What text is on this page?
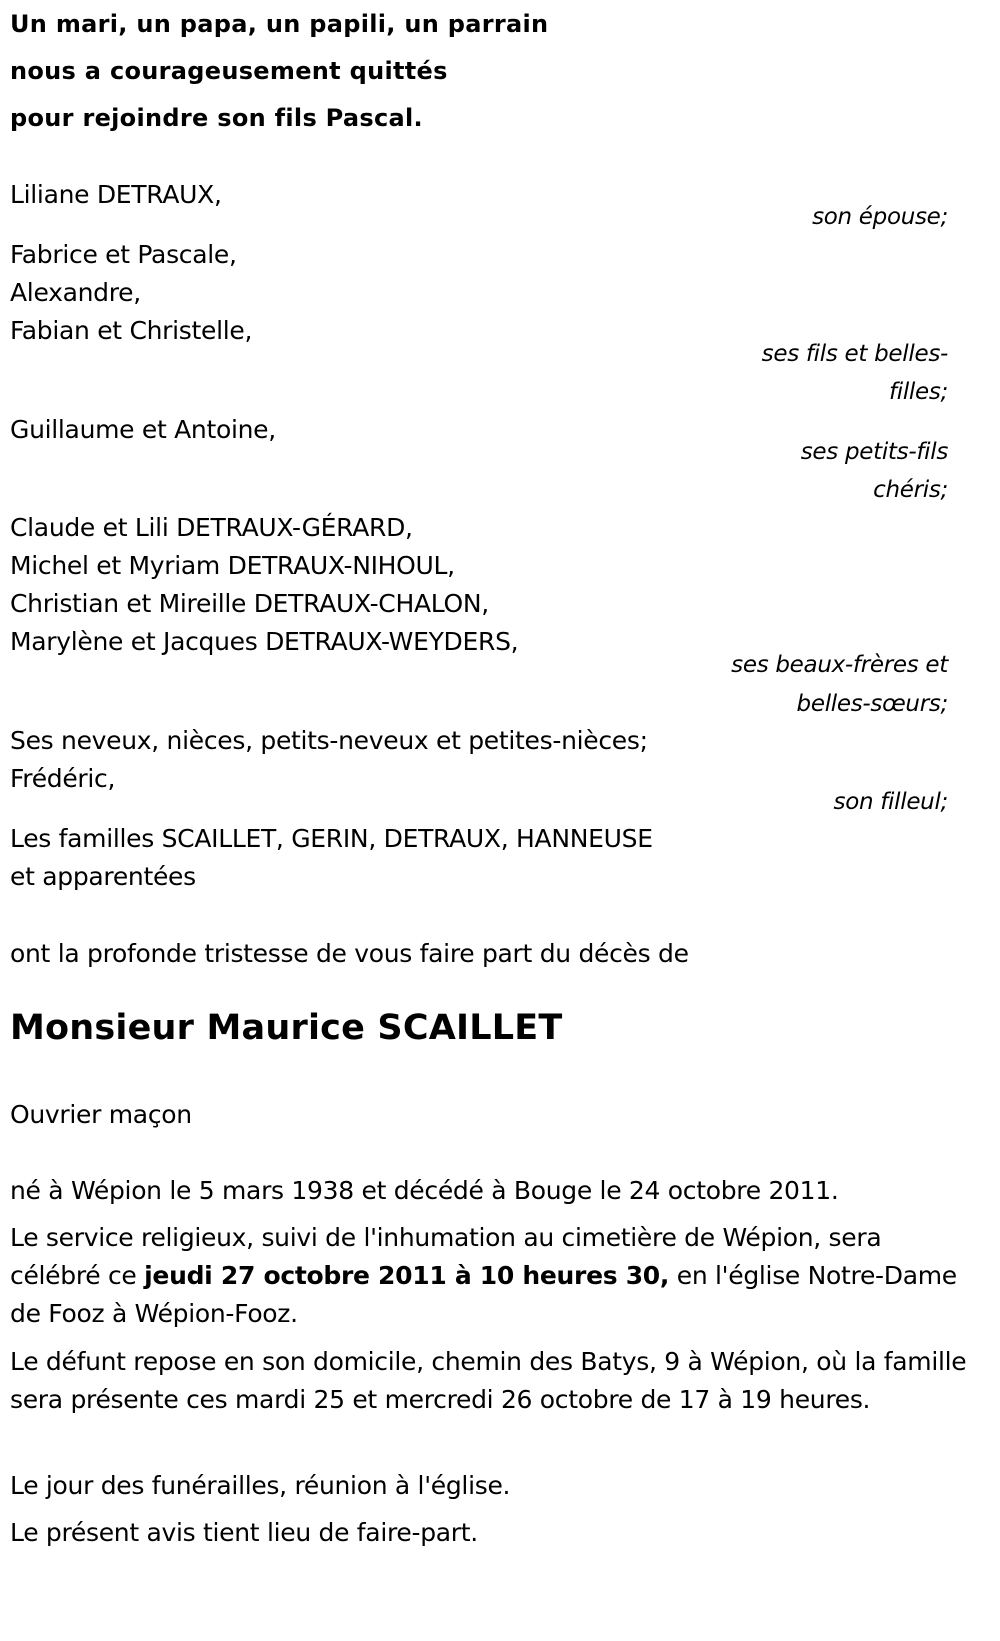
Un mari, un papa, un papili, un parrain
nous a courageusement quittés
pour rejoindre son fils Pascal.
Liliane DETRAUX,
son épouse;
Fabrice et Pascale,
Alexandre,
Fabian et Christelle,
ses fils et belles-
filles;
Guillaume et Antoine,
ses petits-fils
chéris;
Claude et Lili DETRAUX-GÉRARD,
Michel et Myriam DETRAUX-NIHOUL,
Christian et Mireille DETRAUX-CHALON,
Marylène et Jacques DETRAUX-WEYDERS,
ses beaux-frères et
belles-sœurs;
Ses neveux, nièces, petits-neveux et petites-nièces;
Frédéric,
son filleul;
Les familles SCAILLET, GERIN, DETRAUX, HANNEUSE
et apparentées
ont la profonde tristesse de vous faire part du décès de
Monsieur Maurice SCAILLET
Ouvrier maçon
né à Wépion le 5 mars 1938 et décédé à Bouge le 24 octobre 2011.
Le service religieux, suivi de l'inhumation au cimetière de Wépion, sera célébré ce jeudi 27 octobre 2011 à 10 heures 30, en l'église Notre-Dame de Fooz à Wépion-Fooz.
Le défunt repose en son domicile, chemin des Batys, 9 à Wépion, où la famille sera présente ces mardi 25 et mercredi 26 octobre de 17 à 19 heures.
Le jour des funérailles, réunion à l'église.
Le présent avis tient lieu de faire-part.
